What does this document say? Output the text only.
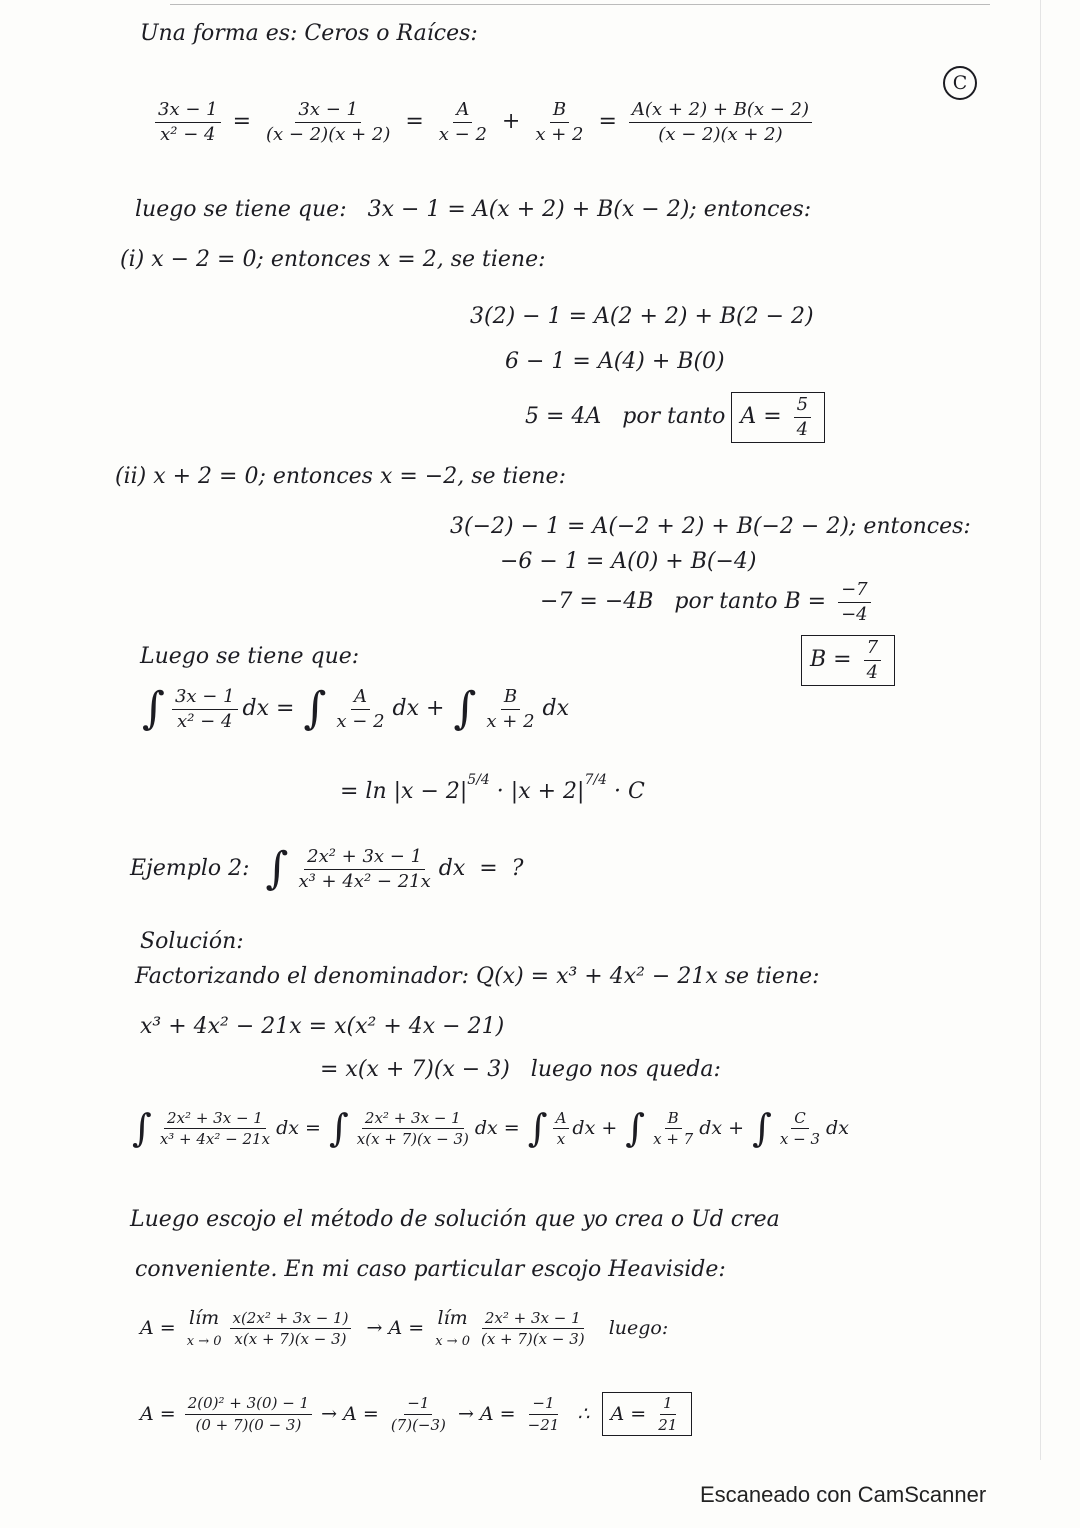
C
Una forma es: Ceros o Raíces:
$\frac{3x - 1}{\text{x² − 4}} = \frac{3x - 1}{(x - 2)(x + 2)} = \frac{A}{x - 2} + \frac{B}{x + 2} = \frac{A(x + 2) + B(x - 2)}{(x - 2)(x + 2)}$
luego se tiene que:   3x − 1 = A(x + 2) + B(x − 2); entonces:
(i) x − 2 = 0; entonces x = 2, se tiene:
3(2) − 1 = A(2 + 2) + B(2 − 2)
6 − 1 = A(4) + B(0)
5 = 4A   por tanto $A = \frac{5}{4}$
(ii) x + 2 = 0; entonces x = −2, se tiene:
3(−2) − 1 = A(−2 + 2) + B(−2 − 2); entonces:
−6 − 1 = A(0) + B(−4)
−7 = −4B   por tanto $B = \frac{-7}{-4}$
Luego se tiene que:	$B = \frac{7}{4}$
∫ $\frac{3x - 1}{\text{x² − 4}}$ dx = ∫ $\frac{A}{x - 2}$ dx + ∫ $\frac{B}{x + 2}$ dx
= ln |x − 2| 5/4 · |x + 2| 7/4 · C
Ejemplo 2: ∫ $\frac{\text{2x² + 3x − 1}}{\text{x³ + 4x² − 21x}}$ dx  =  ?
Solución:
Factorizando el denominador: Q(x) = x³ + 4x² − 21x se tiene:
x³ + 4x² − 21x = x(x² + 4x − 21)
= x(x + 7)(x − 3)   luego nos queda:
∫ $\frac{\text{2x² + 3x − 1}}{\text{x³ + 4x² − 21x}}$ dx = ∫ $\frac{\text{2x² + 3x − 1}}{x(x + 7)(x - 3)}$ dx = ∫ $\frac{A}{x}$ dx + ∫ $\frac{B}{x + 7}$ dx + ∫ $\frac{C}{x - 3}$ dx
Luego escojo el método de solución que yo crea o Ud crea
conveniente. En mi caso particular escojo Heaviside:
A = lím
$x \to 0 \frac{\text{x(2x² + 3x − 1)}}{x(x + 7)(x - 3)} \to A$ = lím
$x \to 0 \frac{\text{2x² + 3x − 1}}{(x + 7)(x - 3)}$ luego:
$A = \frac{\text{2(0)² + 3(0) − 1}}{(0 + 7)(0 - 3)} \to A = \frac{-1}{(7)(-3)} \to A = \frac{-1}{-21}$ ∴ $A = \frac{1}{21}$
Escaneado con CamScanner
